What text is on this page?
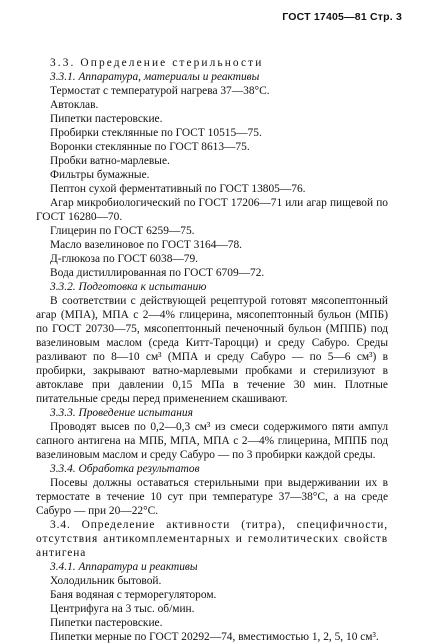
ГОСТ 17405—81 Стр. 3

3.3. Определение стерильности

3.3.1. Аппаратура, материалы и реактивы

Термостат с температурой нагрева 37—38°С.

Автоклав.

Пипетки пастеровские.

Пробирки стеклянные по ГОСТ 10515—75.

Воронки стеклянные по ГОСТ 8613—75.

Пробки ватно-марлевые.

Фильтры бумажные.

Пептон сухой ферментативный по ГОСТ 13805—76.

Агар микробиологический по ГОСТ 17206—71 или агар пищевой по ГОСТ 16280—70.

Глицерин по ГОСТ 6259—75.

Масло вазелиновое по ГОСТ 3164—78.

Д-глюкоза по ГОСТ 6038—79.

Вода дистиллированная по ГОСТ 6709—72.

3.3.2. Подготовка к испытанию

В соответствии с действующей рецептурой готовят мясопептонный агар (МПА), МПА с 2—4% глицерина, мясопептонный бульон (МПБ) по ГОСТ 20730—75, мясопептонный печеночный бульон (МППБ) под вазелиновым маслом (среда Китт-Тароцци) и среду Сабуро. Среды разливают по 8—10 см³ (МПА и среду Сабуро — по 5—6 см³) в пробирки, закрывают ватно-марлевыми пробками и стерилизуют в автоклаве при давлении 0,15 МПа в течение 30 мин. Плотные питательные среды перед применением скашивают.

3.3.3. Проведение испытания

Проводят высев по 0,2—0,3 см³ из смеси содержимого пяти ампул сапного антигена на МПБ, МПА, МПА с 2—4% глицерина, МППБ под вазелиновым маслом и среду Сабуро — по 3 пробирки каждой среды.

3.3.4. Обработка результатов

Посевы должны оставаться стерильными при выдерживании их в термостате в течение 10 сут при температуре 37—38°С, а на среде Сабуро — при 20—22°С.

3.4. Определение активности (титра), специфичности, отсутствия антикомплементарных и гемолитических свойств антигена

3.4.1. Аппаратура и реактивы

Холодильник бытовой.

Баня водяная с терморегулятором.

Центрифуга на 3 тыс. об/мин.

Пипетки пастеровские.

Пипетки мерные по ГОСТ 20292—74, вместимостью 1, 2, 5, 10 см³.
